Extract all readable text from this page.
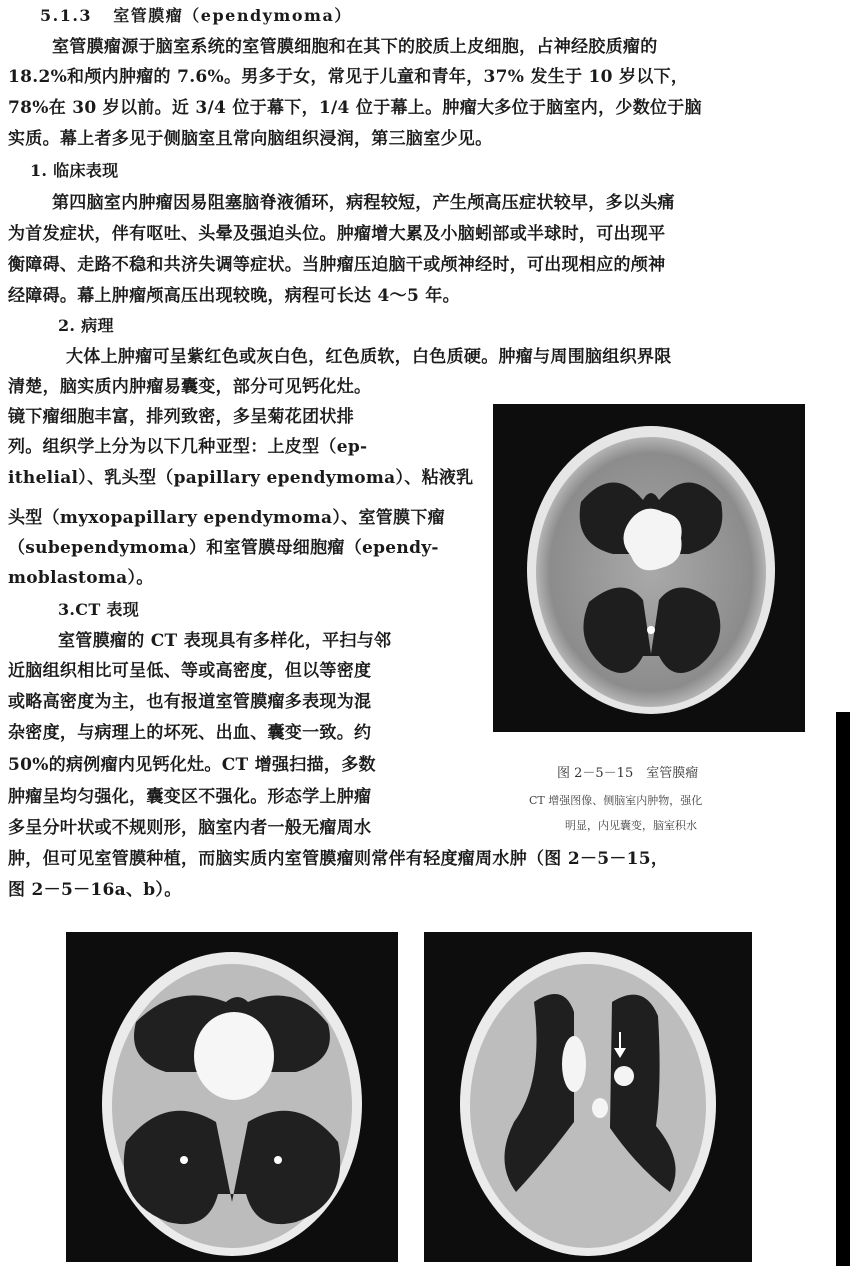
5.1.3 室管膜瘤（ependymoma）
室管膜瘤源于脑室系统的室管膜细胞和在其下的胶质上皮细胞，占神经胶质瘤的
18.2%和颅内肿瘤的 7.6%。男多于女，常见于儿童和青年，37% 发生于 10 岁以下，
78%在 30 岁以前。近 3/4 位于幕下，1/4 位于幕上。肿瘤大多位于脑室内，少数位于脑
实质。幕上者多见于侧脑室且常向脑组织浸润，第三脑室少见。
1. 临床表现
第四脑室内肿瘤因易阻塞脑脊液循环，病程较短，产生颅高压症状较早，多以头痛
为首发症状，伴有呕吐、头晕及强迫头位。肿瘤增大累及小脑蚓部或半球时，可出现平
衡障碍、走路不稳和共济失调等症状。当肿瘤压迫脑干或颅神经时，可出现相应的颅神
经障碍。幕上肿瘤颅高压出现较晚，病程可长达 4～5 年。
2. 病理
大体上肿瘤可呈紫红色或灰白色，红色质软，白色质硬。肿瘤与周围脑组织界限
清楚，脑实质内肿瘤易囊变，部分可见钙化灶。
镜下瘤细胞丰富，排列致密，多呈菊花团状排
列。组织学上分为以下几种亚型：上皮型（ep-
ithelial）、乳头型（papillary ependymoma）、粘液乳
头型（myxopapillary ependymoma）、室管膜下瘤
（subependymoma）和室管膜母细胞瘤（ependy-
moblastoma）。
3.CT 表现
室管膜瘤的 CT 表现具有多样化，平扫与邻
近脑组织相比可呈低、等或高密度，但以等密度
或略高密度为主，也有报道室管膜瘤多表现为混
杂密度，与病理上的坏死、出血、囊变一致。约
50%的病例瘤内见钙化灶。CT 增强扫描，多数
肿瘤呈均匀强化，囊变区不强化。形态学上肿瘤
多呈分叶状或不规则形，脑室内者一般无瘤周水
肿，但可见室管膜种植，而脑实质内室管膜瘤则常伴有轻度瘤周水肿（图 2－5－15，
图 2－5－16a、b）。
图 2－5－15　室管膜瘤
CT 增强图像、侧脑室内肿物，强化
明显，内见囊变，脑室积水
